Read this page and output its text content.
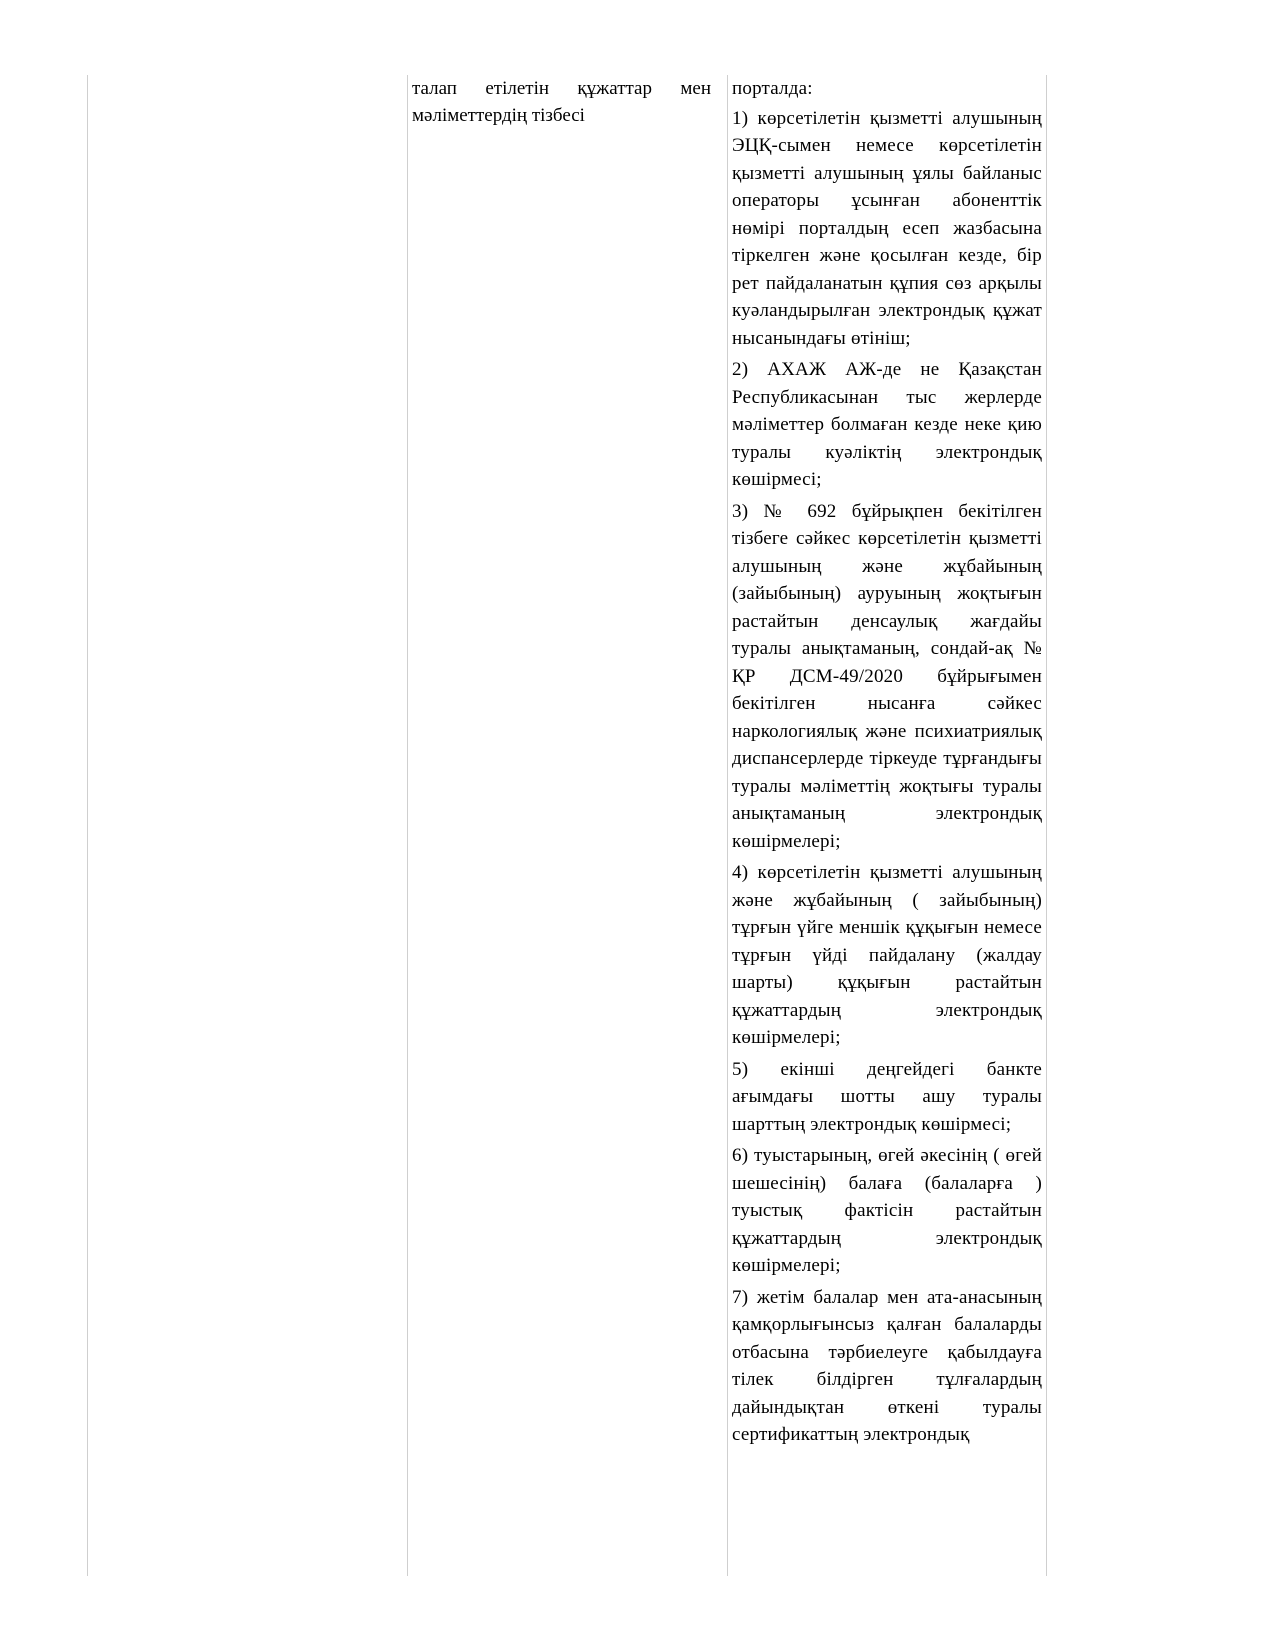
талап етілетін құжаттар мен мәліметтердің тізбесі

порталда:

1) көрсетілетін қызметті алушының ЭЦҚ-сымен немесе көрсетілетін қызметті алушының ұялы байланыс операторы ұсынған абоненттік нөмірі порталдың есеп жазбасына тіркелген және қосылған кезде, бір рет пайдаланатын құпия сөз арқылы куәландырылған электрондық құжат нысанындағы өтініш;

2) АХАЖ АЖ-де не Қазақстан Республикасынан тыс жерлерде мәліметтер болмаған кезде неке қию туралы куәліктің электрондық көшірмесі;

3) № 692 бұйрықпен бекітілген тізбеге сәйкес көрсетілетін қызметті алушының және жұбайының (зайыбының) ауруының жоқтығын растайтын денсаулық жағдайы туралы анықтаманың, сондай-ақ № ҚР ДСМ-49/2020 бұйрығымен бекітілген нысанға сәйкес наркологиялық және психиатриялық диспансерлерде тіркеуде тұрғандығы туралы мәліметтің жоқтығы туралы анықтаманың электрондық көшірмелері;

4) көрсетілетін қызметті алушының және жұбайының ( зайыбының) тұрғын үйге меншік құқығын немесе тұрғын үйді пайдалану (жалдау шарты) құқығын растайтын құжаттардың электрондық көшірмелері;

5) екінші деңгейдегі банкте ағымдағы шотты ашу туралы шарттың электрондық көшірмесі;

6) туыстарының, өгей әкесінің ( өгей шешесінің) балаға (балаларға ) туыстық фактісін растайтын құжаттардың электрондық көшірмелері;

7) жетім балалар мен ата-анасының қамқорлығынсыз қалған балаларды отбасына тәрбиелеуге қабылдауға тілек білдірген тұлғалардың дайындықтан өткені туралы сертификаттың электрондық
